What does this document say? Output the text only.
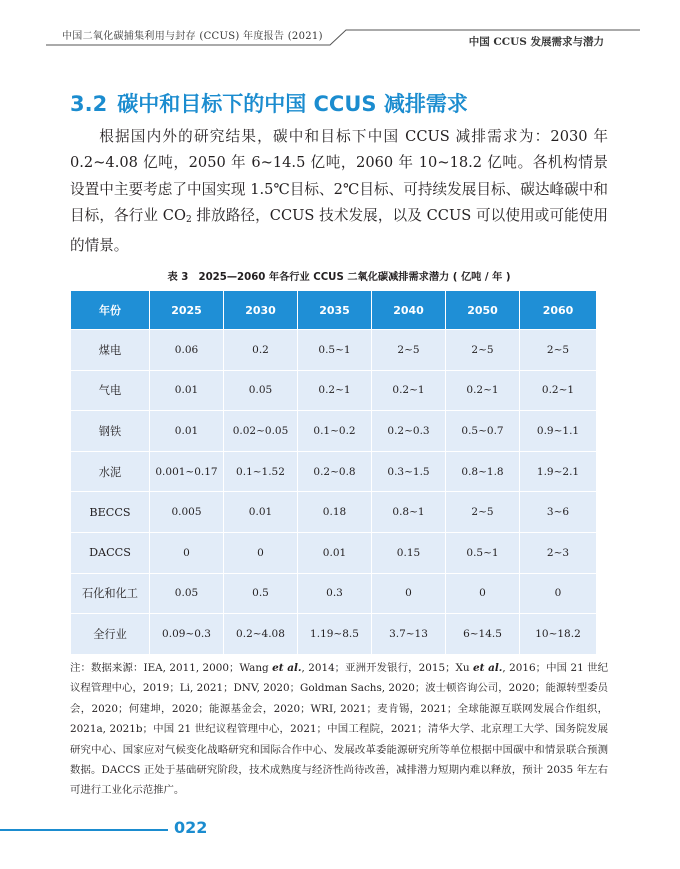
中国二氧化碳捕集利用与封存 (CCUS) 年度报告 (2021)	中国 CCUS 发展需求与潜力
3.2 碳中和目标下的中国 CCUS 减排需求
根据国内外的研究结果，碳中和目标下中国 CCUS 减排需求为：2030 年 0.2~4.08 亿吨，2050 年 6~14.5 亿吨，2060 年 10~18.2 亿吨。各机构情景设置中主要考虑了中国实现 1.5℃目标、2℃目标、可持续发展目标、碳达峰碳中和目标，各行业 $CO_2$ 排放路径，CCUS 技术发展，以及 CCUS 可以使用或可能使用的情景。
表 3　2025—2060 年各行业 CCUS 二氧化碳减排需求潜力 ( 亿吨 / 年 )
年份	2025	2030	2035	2040	2050	2060
煤电	0.06	0.2	0.5~1	2~5	2~5	2~5
气电	0.01	0.05	0.2~1	0.2~1	0.2~1	0.2~1
钢铁	0.01	0.02~0.05	0.1~0.2	0.2~0.3	0.5~0.7	0.9~1.1
水泥	0.001~0.17	0.1~1.52	0.2~0.8	0.3~1.5	0.8~1.8	1.9~2.1
BECCS	0.005	0.01	0.18	0.8~1	2~5	3~6
DACCS	0	0	0.01	0.15	0.5~1	2~3
石化和化工	0.05	0.5	0.3	0	0	0
全行业	0.09~0.3	0.2~4.08	1.19~8.5	3.7~13	6~14.5	10~18.2
注：数据来源：IEA, 2011, 2000；Wang et al., 2014；亚洲开发银行，2015；Xu et al., 2016；中国 21 世纪议程管理中心，2019；Li, 2021；DNV, 2020；Goldman Sachs, 2020；波士顿咨询公司，2020；能源转型委员会，2020；何建坤，2020；能源基金会，2020；WRI, 2021；麦肯锡，2021；全球能源互联网发展合作组织，2021a, 2021b；中国 21 世纪议程管理中心，2021；中国工程院，2021；清华大学、北京理工大学、国务院发展研究中心、国家应对气候变化战略研究和国际合作中心、发展改革委能源研究所等单位根据中国碳中和情景联合预测数据。DACCS 正处于基础研究阶段，技术成熟度与经济性尚待改善，减排潜力短期内难以释放，预计 2035 年左右可进行工业化示范推广。
022
